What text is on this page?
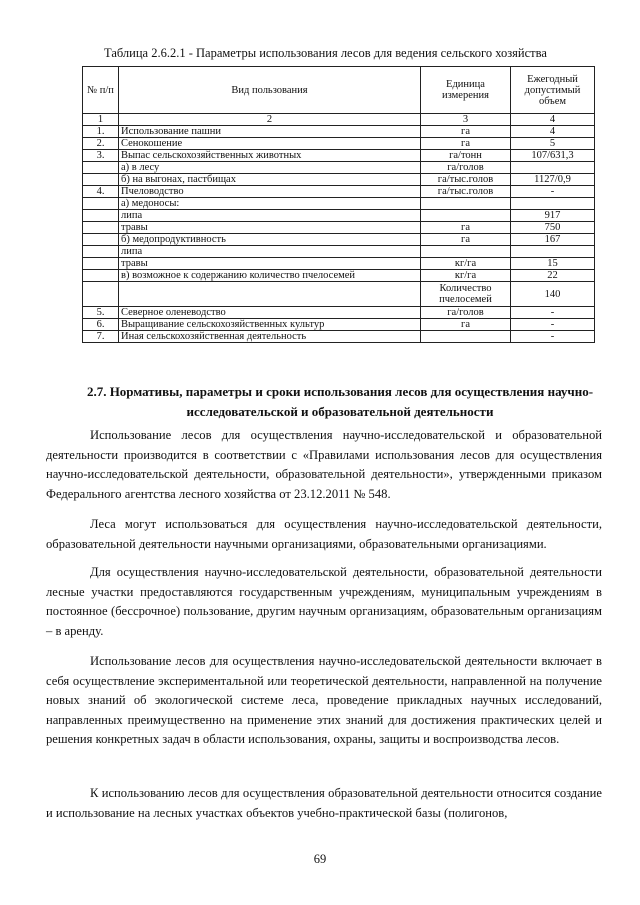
Таблица 2.6.2.1 - Параметры использования лесов для ведения сельского хозяйства
№ п/п	Вид пользования	Единица измерения	Ежегодный допустимый объем
1	2	3	4
1.	Использование пашни	га	4
2.	Сенокошение	га	5
3.	Выпас сельскохозяйственных животных	га/тонн	107/631,3
	а) в лесу	га/голов	
	б) на выгонах, пастбищах	га/тыс.голов	1127/0,9
4.	Пчеловодство	га/тыс.голов	-
	а) медоносы:		
	липа		917
	травы	га	750
	б) медопродуктивность	га	167
	липа		
	травы	кг/га	15
	в) возможное к содержанию количество пчелосемей	кг/га	22
		Количество пчелосемей	140
5.	Северное оленеводство	га/голов	-
6.	Выращивание сельскохозяйственных культур	га	-
7.	Иная сельскохозяйственная деятельность		-
2.7. Нормативы, параметры и сроки использования лесов для осуществления научно-
исследовательской и образовательной деятельности

Использование лесов для осуществления научно-исследовательской и образовательной деятельности производится в соответствии с «Правилами использования лесов для осуществления научно-исследовательской деятельности, образовательной деятельности», утвержденными приказом Федерального агентства лесного хозяйства от 23.12.2011 № 548.

Леса могут использоваться для осуществления научно-исследовательской деятельности, образовательной деятельности научными организациями, образовательными организациями.

Для осуществления научно-исследовательской деятельности, образовательной деятельности лесные участки предоставляются государственным учреждениям, муниципальным учреждениям в постоянное (бессрочное) пользование, другим научным организациям, образовательным организациям – в аренду.

Использование лесов для осуществления научно-исследовательской деятельности включает в себя осуществление экспериментальной или теоретической деятельности, направленной на получение новых знаний об экологической системе леса, проведение прикладных научных исследований, направленных преимущественно на применение этих знаний для достижения практических целей и решения конкретных задач в области использования, охраны, защиты и воспроизводства лесов.

К использованию лесов для осуществления образовательной деятельности относится создание и использование на лесных участках объектов учебно-практической базы (полигонов,

69
